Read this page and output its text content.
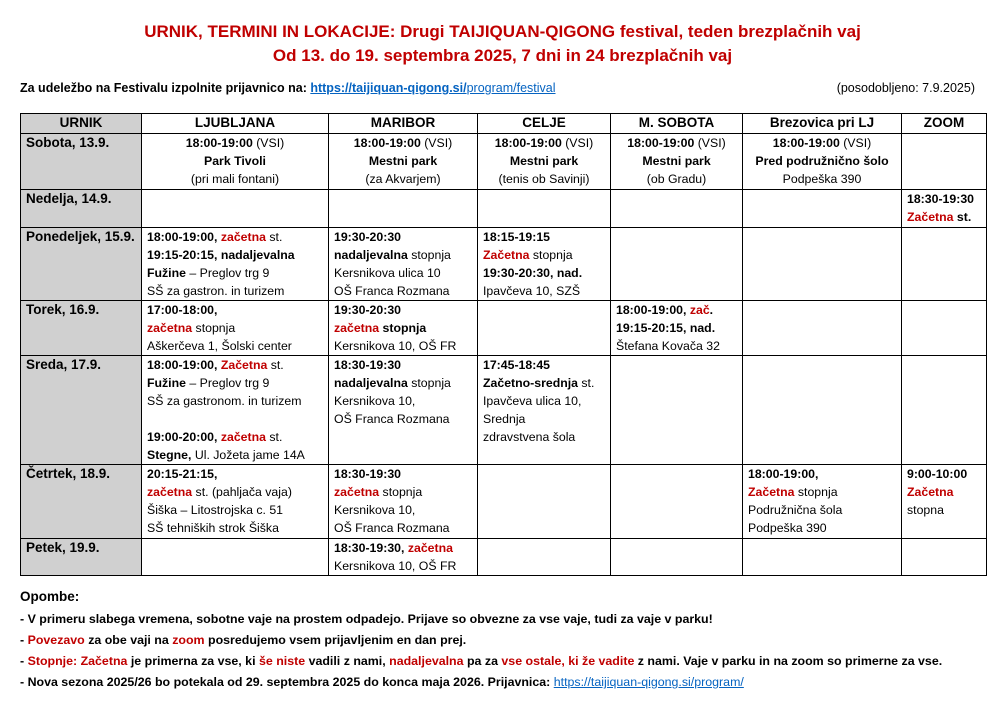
URNIK, TERMINI IN LOKACIJE: Drugi TAIJIQUAN-QIGONG festival, teden brezplačnih vaj
Od 13. do 19. septembra 2025, 7 dni in 24 brezplačnih vaj
Za udeležbo na Festivalu izpolnite prijavnico na: https://taijiquan-qigong.si/program/festival	(posodobljeno: 7.9.2025)
URNIK	LJUBLJANA	MARIBOR	CELJE	M. SOBOTA	Brezovica pri LJ	ZOOM
Sobota, 13.9.	18:00-19:00 (VSI)
Park Tivoli
(pri mali fontani)	18:00-19:00 (VSI)
Mestni park
(za Akvarjem)	18:00-19:00 (VSI)
Mestni park
(tenis ob Savinji)	18:00-19:00 (VSI)
Mestni park
(ob Gradu)	18:00-19:00 (VSI)
Pred podružnično šolo
Podpeška 390	
Nedelja, 14.9.						18:30-19:30
Začetna st.
Ponedeljek, 15.9.	18:00-19:00, začetna st.
19:15-20:15, nadaljevalna
Fužine – Preglov trg 9
SŠ za gastron. in turizem	19:30-20:30
nadaljevalna stopnja
Kersnikova ulica 10
OŠ Franca Rozmana	18:15-19:15
Začetna stopnja
19:30-20:30, nad.
Ipavčeva 10, SZŠ			
Torek, 16.9.	17:00-18:00,
začetna stopnja
Aškerčeva 1, Šolski center	19:30-20:30
začetna stopnja
Kersnikova 10, OŠ FR		18:00-19:00, zač.
19:15-20:15, nad.
Štefana Kovača 32		
Sreda, 17.9.	18:00-19:00, Začetna st.
Fužine – Preglov trg 9
SŠ za gastronom. in turizem

19:00-20:00, začetna st.
Stegne, Ul. Jožeta jame 14A	18:30-19:30
nadaljevalna stopnja
Kersnikova 10,
OŠ Franca Rozmana	17:45-18:45
Začetno-srednja st.
Ipavčeva ulica 10,
Srednja
zdravstvena šola			
Četrtek, 18.9.	20:15-21:15,
začetna st. (pahljača vaja)
Šiška – Litostrojska c. 51
SŠ tehniških strok Šiška	18:30-19:30
začetna stopnja
Kersnikova 10,
OŠ Franca Rozmana			18:00-19:00,
Začetna stopnja
Podružnična šola
Podpeška 390	9:00-10:00
Začetna
stopna
Petek, 19.9.		18:30-19:30, začetna
Kersnikova 10, OŠ FR				
Opombe:
- V primeru slabega vremena, sobotne vaje na prostem odpadejo. Prijave so obvezne za vse vaje, tudi za vaje v parku!
- Povezavo za obe vaji na zoom posredujemo vsem prijavljenim en dan prej.
- Stopnje: Začetna je primerna za vse, ki še niste vadili z nami, nadaljevalna pa za vse ostale, ki že vadite z nami. Vaje v parku in na zoom so primerne za vse.
- Nova sezona 2025/26 bo potekala od 29. septembra 2025 do konca maja 2026. Prijavnica: https://taijiquan-qigong.si/program/
